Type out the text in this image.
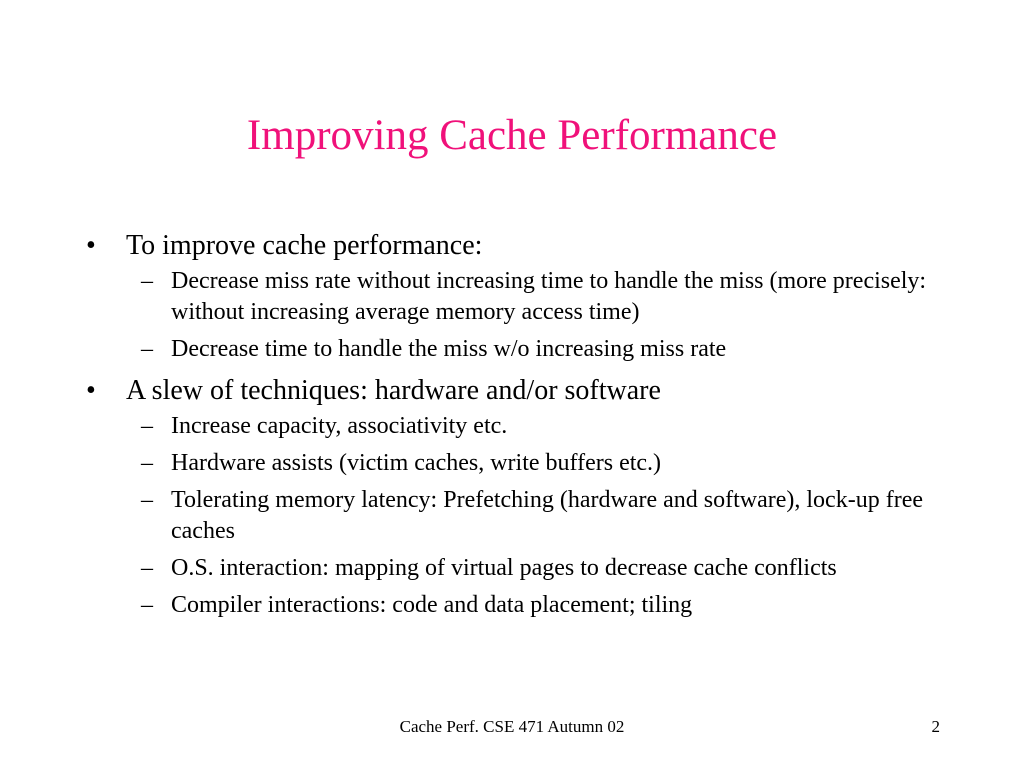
Improving Cache Performance
• To improve cache performance:
– Decrease miss rate without increasing time to handle the miss (more precisely: without increasing average memory access time)
– Decrease time to handle the miss w/o increasing miss rate
• A slew of techniques: hardware and/or software
– Increase capacity, associativity etc.
– Hardware assists (victim caches, write buffers etc.)
– Tolerating memory latency: Prefetching (hardware and software), lock-up free caches
– O.S. interaction: mapping of virtual pages to decrease cache conflicts
– Compiler interactions: code and data placement; tiling
Cache Perf. CSE 471 Autumn 02	2
